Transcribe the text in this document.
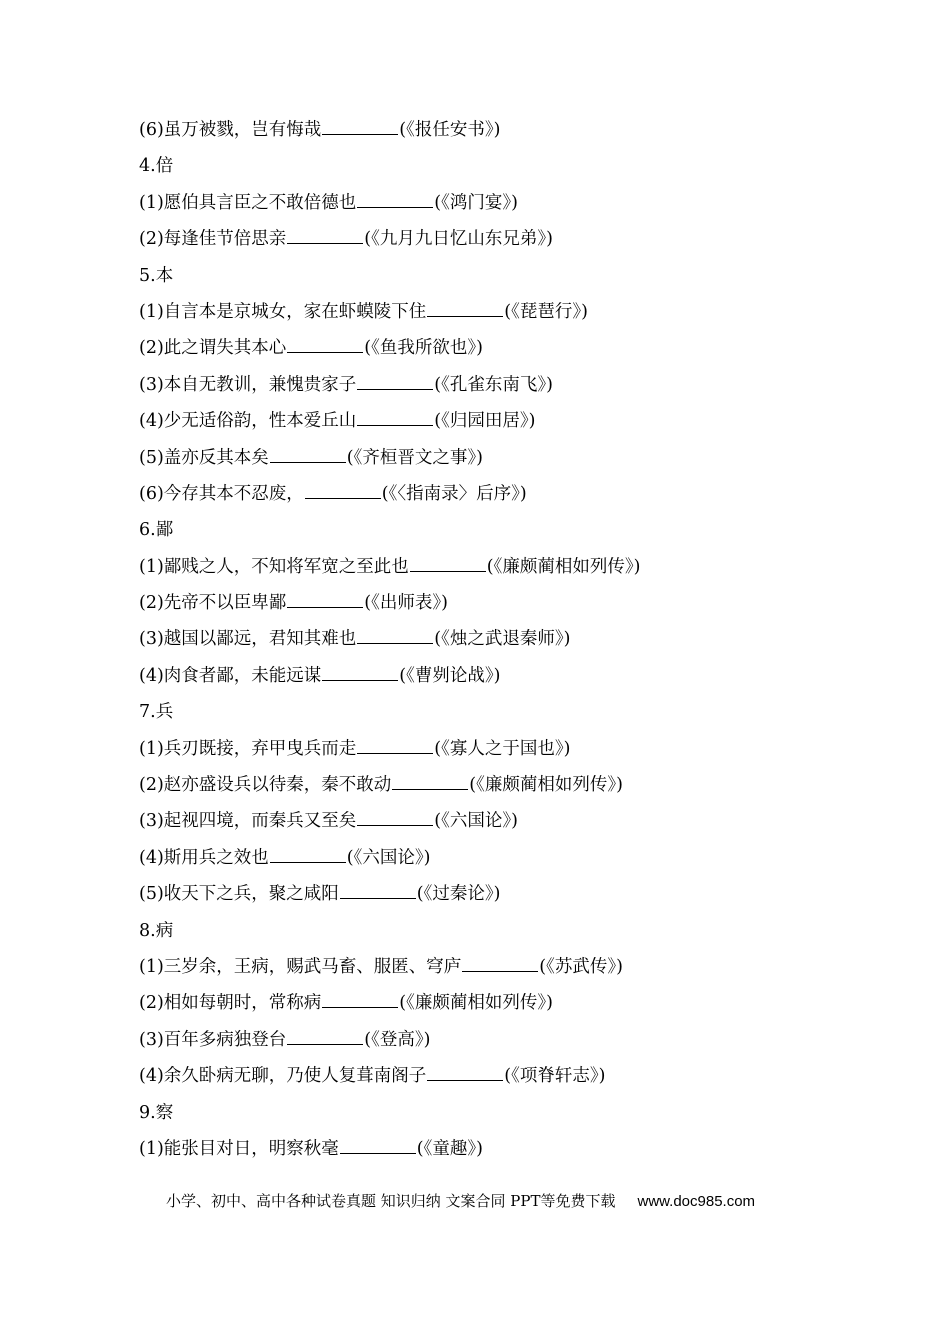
(6)虽万被戮，岂有悔哉	(《报任安书》)
4.倍
(1)愿伯具言臣之不敢倍德也	(《鸿门宴》)
(2)每逢佳节倍思亲	(《九月九日忆山东兄弟》)
5.本
(1)自言本是京城女，家在虾蟆陵下住	(《琵琶行》)
(2)此之谓失其本心	(《鱼我所欲也》)
(3)本自无教训，兼愧贵家子	(《孔雀东南飞》)
(4)少无适俗韵，性本爱丘山	(《归园田居》)
(5)盖亦反其本矣	(《齐桓晋文之事》)
(6)今存其本不忍废，	(《〈指南录〉后序》)
6.鄙
(1)鄙贱之人，不知将军宽之至此也	(《廉颇蔺相如列传》)
(2)先帝不以臣卑鄙	(《出师表》)
(3)越国以鄙远，君知其难也	(《烛之武退秦师》)
(4)肉食者鄙，未能远谋	(《曹刿论战》)
7.兵
(1)兵刃既接，弃甲曳兵而走	(《寡人之于国也》)
(2)赵亦盛设兵以待秦，秦不敢动	(《廉颇蔺相如列传》)
(3)起视四境，而秦兵又至矣	(《六国论》)
(4)斯用兵之效也	(《六国论》)
(5)收天下之兵，聚之咸阳	(《过秦论》)
8.病
(1)三岁余，王病，赐武马畜、服匿、穹庐	(《苏武传》)
(2)相如每朝时，常称病	(《廉颇蔺相如列传》)
(3)百年多病独登台	(《登高》)
(4)余久卧病无聊，乃使人复葺南阁子	(《项脊轩志》)
9.察
(1)能张目对日，明察秋毫	(《童趣》)
小学、初中、高中各种试卷真题 知识归纳 文案合同 PPT等免费下载 www.doc985.com
